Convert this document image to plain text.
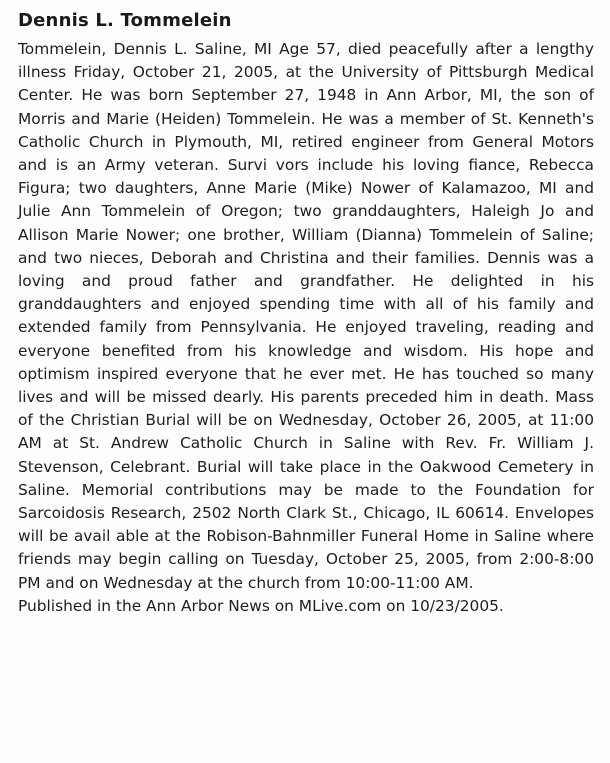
Dennis L. Tommelein

Tommelein, Dennis L. Saline, MI Age 57, died peacefully after a lengthy illness Friday, October 21, 2005, at the University of Pittsburgh Medical Center. He was born September 27, 1948 in Ann Arbor, MI, the son of Morris and Marie (Heiden) Tommelein. He was a member of St. Kenneth's Catholic Church in Plymouth, MI, retired engineer from General Motors and is an Army veteran. Survi vors include his loving fiance, Rebecca Figura; two daughters, Anne Marie (Mike) Nower of Kalamazoo, MI and Julie Ann Tommelein of Oregon; two granddaughters, Haleigh Jo and Allison Marie Nower; one brother, William (Dianna) Tommelein of Saline; and two nieces, Deborah and Christina and their families. Dennis was a loving and proud father and grandfather. He delighted in his granddaughters and enjoyed spending time with all of his family and extended family from Pennsylvania. He enjoyed traveling, reading and everyone benefited from his knowledge and wisdom. His hope and optimism inspired everyone that he ever met. He has touched so many lives and will be missed dearly. His parents preceded him in death. Mass of the Christian Burial will be on Wednesday, October 26, 2005, at 11:00 AM at St. Andrew Catholic Church in Saline with Rev. Fr. William J. Stevenson, Celebrant. Burial will take place in the Oakwood Cemetery in Saline. Memorial contributions may be made to the Foundation for Sarcoidosis Research, 2502 North Clark St., Chicago, IL 60614. Envelopes will be avail able at the Robison-Bahnmiller Funeral Home in Saline where friends may begin calling on Tuesday, October 25, 2005, from 2:00-8:00 PM and on Wednesday at the church from 10:00-11:00 AM.

Published in the Ann Arbor News on MLive.com on 10/23/2005.
